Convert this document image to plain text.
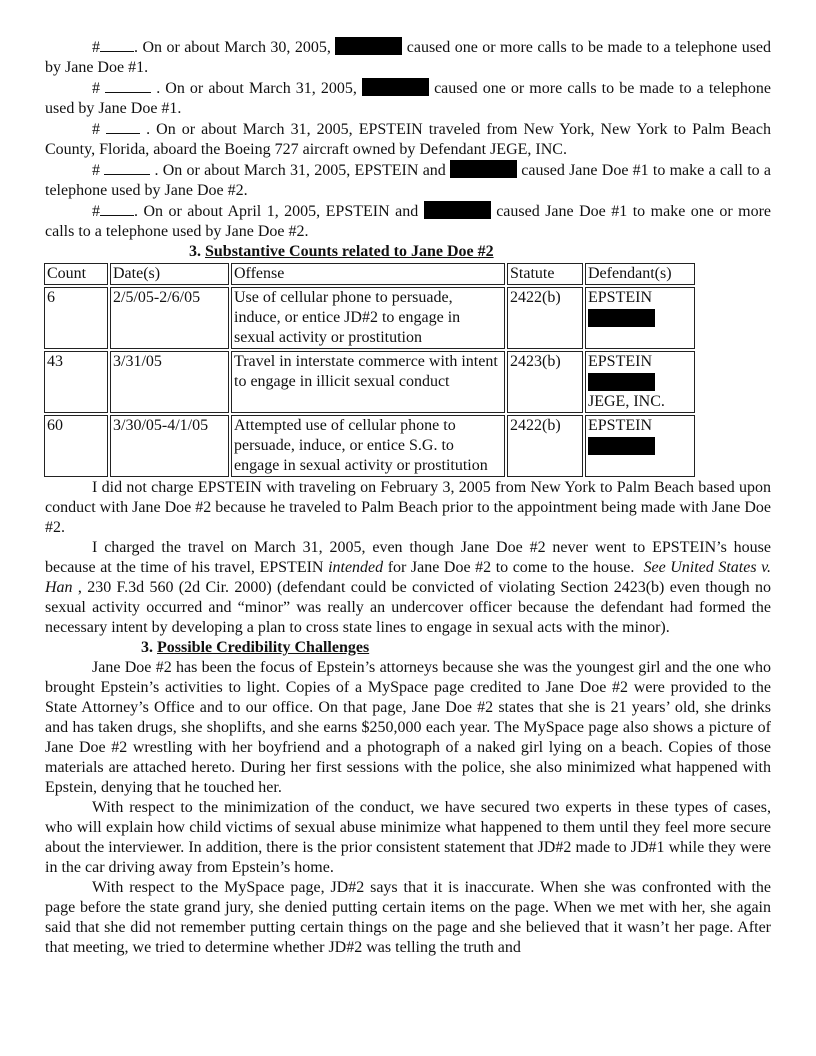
# . On or about March 30, 2005,	caused one or more calls to be made to a telephone used by Jane Doe #1.

#	. On or about March 31, 2005,	caused one or more calls to be made to a telephone used by Jane Doe #1.

#	. On or about March 31, 2005, EPSTEIN traveled from New York, New York to Palm Beach County, Florida, aboard the Boeing 727 aircraft owned by Defendant JEGE, INC.

#	. On or about March 31, 2005, EPSTEIN and	caused Jane Doe #1 to make a call to a telephone used by Jane Doe #2.

# . On or about April 1, 2005, EPSTEIN and	caused Jane Doe #1 to make one or more calls to a telephone used by Jane Doe #2.

3. Substantive Counts related to Jane Doe #2
Count	Date(s)	Offense	Statute	Defendant(s)
6	2/5/05-2/6/05	Use of cellular phone to persuade, induce, or entice JD#2 to engage in sexual activity or prostitution	2422(b)	EPSTEIN

43	3/31/05	Travel in interstate commerce with intent to engage in illicit sexual conduct	2423(b)	EPSTEIN
JEGE, INC.
60	3/30/05-4/1/05	Attempted use of cellular phone to persuade, induce, or entice S.G. to engage in sexual activity or prostitution	2422(b)	EPSTEIN

I did not charge EPSTEIN with traveling on February 3, 2005 from New York to Palm Beach based upon conduct with Jane Doe #2 because he traveled to Palm Beach prior to the appointment being made with Jane Doe #2.

I charged the travel on March 31, 2005, even though Jane Doe #2 never went to EPSTEIN’s house because at the time of his travel, EPSTEIN intended for Jane Doe #2 to come to the house. See United States v. Han , 230 F.3d 560 (2d Cir. 2000) (defendant could be convicted of violating Section 2423(b) even though no sexual activity occurred and “minor” was really an undercover officer because the defendant had formed the necessary intent by developing a plan to cross state lines to engage in sexual acts with the minor).

3. Possible Credibility Challenges

Jane Doe #2 has been the focus of Epstein’s attorneys because she was the youngest girl and the one who brought Epstein’s activities to light. Copies of a MySpace page credited to Jane Doe #2 were provided to the State Attorney’s Office and to our office. On that page, Jane Doe #2 states that she is 21 years’ old, she drinks and has taken drugs, she shoplifts, and she earns $250,000 each year. The MySpace page also shows a picture of Jane Doe #2 wrestling with her boyfriend and a photograph of a naked girl lying on a beach. Copies of those materials are attached hereto. During her first sessions with the police, she also minimized what happened with Epstein, denying that he touched her.

With respect to the minimization of the conduct, we have secured two experts in these types of cases, who will explain how child victims of sexual abuse minimize what happened to them until they feel more secure about the interviewer. In addition, there is the prior consistent statement that JD#2 made to JD#1 while they were in the car driving away from Epstein’s home.

With respect to the MySpace page, JD#2 says that it is inaccurate. When she was confronted with the page before the state grand jury, she denied putting certain items on the page. When we met with her, she again said that she did not remember putting certain things on the page and she believed that it wasn’t her page. After that meeting, we tried to determine whether JD#2 was telling the truth and
